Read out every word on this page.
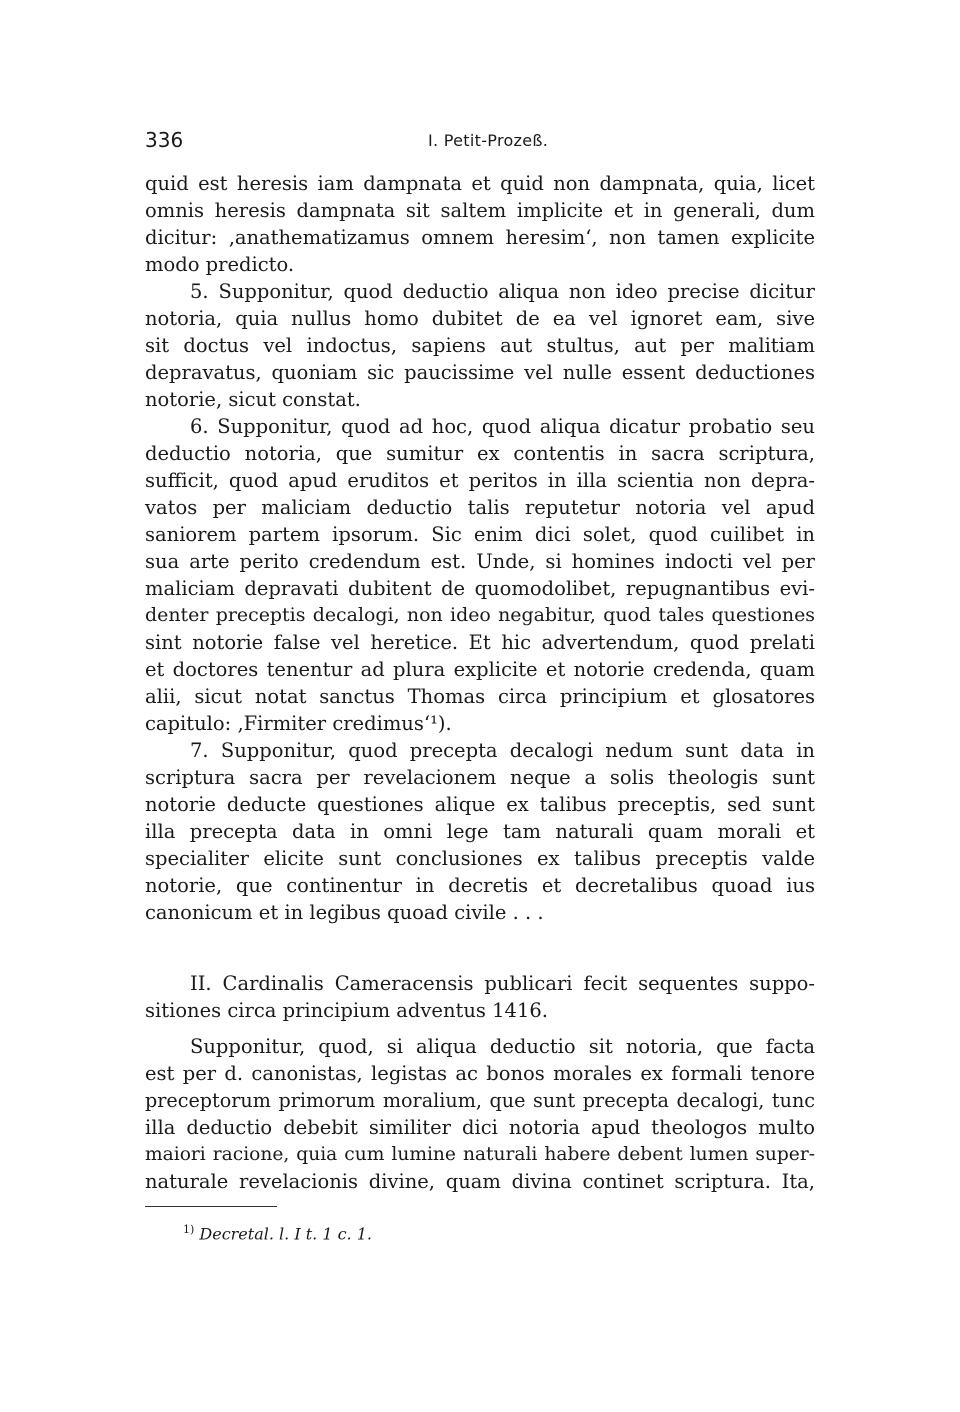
336	I. Petit-Prozeß.
quid est heresis iam dampnata et quid non dampnata, quia, licet
omnis heresis dampnata sit saltem implicite et in generali, dum
dicitur: ‚anathematizamus omnem heresim‘, non tamen explicite
modo predicto.
5. Supponitur, quod deductio aliqua non ideo precise dicitur
notoria, quia nullus homo dubitet de ea vel ignoret eam, sive
sit doctus vel indoctus, sapiens aut stultus, aut per malitiam
depravatus, quoniam sic paucissime vel nulle essent deductiones
notorie, sicut constat.
6. Supponitur, quod ad hoc, quod aliqua dicatur probatio seu
deductio notoria, que sumitur ex contentis in sacra scriptura,
sufficit, quod apud eruditos et peritos in illa scientia non depra-
vatos per maliciam deductio talis reputetur notoria vel apud
saniorem partem ipsorum. Sic enim dici solet, quod cuilibet in
sua arte perito credendum est. Unde, si homines indocti vel per
maliciam depravati dubitent de quomodolibet, repugnantibus evi-
denter preceptis decalogi, non ideo negabitur, quod tales questiones
sint notorie false vel heretice. Et hic advertendum, quod prelati
et doctores tenentur ad plura explicite et notorie credenda, quam
alii, sicut notat sanctus Thomas circa principium et glosatores
capitulo: ‚Firmiter credimus‘¹).
7. Supponitur, quod precepta decalogi nedum sunt data in
scriptura sacra per revelacionem neque a solis theologis sunt
notorie deducte questiones alique ex talibus preceptis, sed sunt
illa precepta data in omni lege tam naturali quam morali et
specialiter elicite sunt conclusiones ex talibus preceptis valde
notorie, que continentur in decretis et decretalibus quoad ius
canonicum et in legibus quoad civile . . .
II. Cardinalis Cameracensis publicari fecit sequentes suppo-
sitiones circa principium adventus 1416.
Supponitur, quod, si aliqua deductio sit notoria, que facta
est per d. canonistas, legistas ac bonos morales ex formali tenore
preceptorum primorum moralium, que sunt precepta decalogi, tunc
illa deductio debebit similiter dici notoria apud theologos multo
maiori racione, quia cum lumine naturali habere debent lumen super-
naturale revelacionis divine, quam divina continet scriptura. Ita,
$^{1)}$ Decretal. l. I t. 1 c. 1.
